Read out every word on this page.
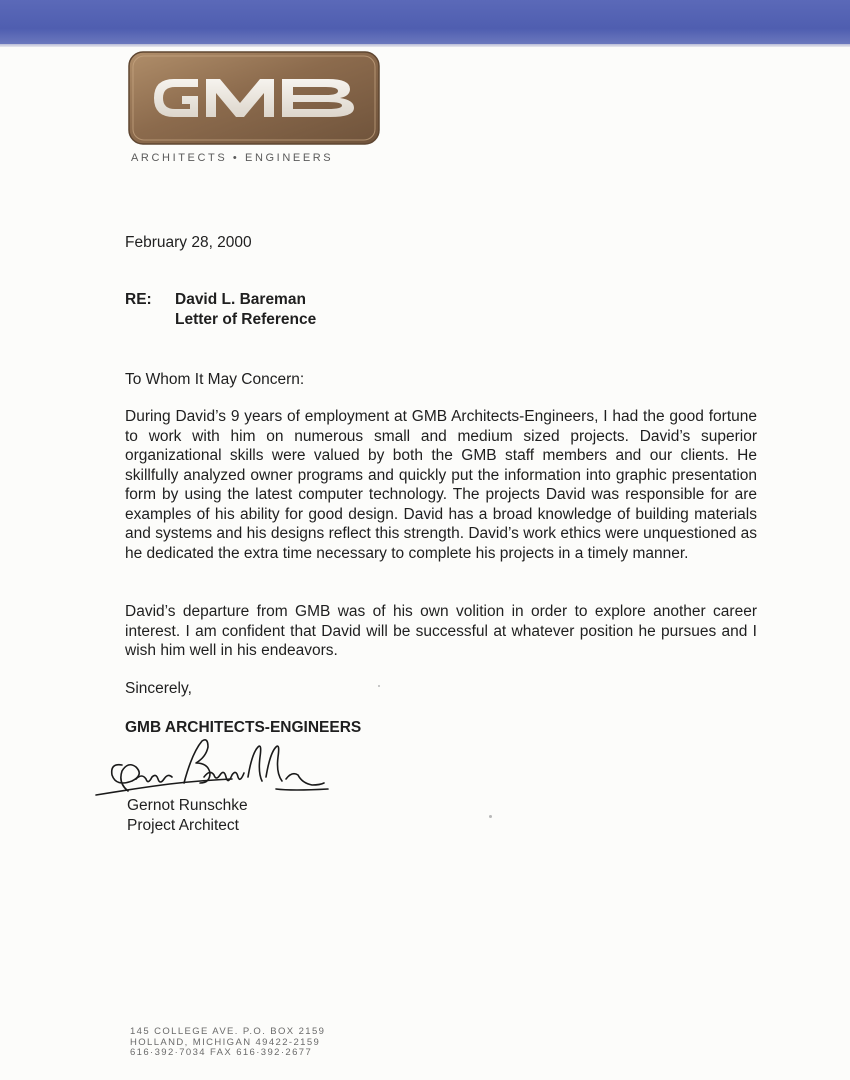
ARCHITECTS • ENGINEERS

February 28, 2000

RE: David L. Bareman

Letter of Reference

To Whom It May Concern:

During David’s 9 years of employment at GMB Architects-Engineers, I had the good fortune to work with him on numerous small and medium sized projects. David’s superior organizational skills were valued by both the GMB staff members and our clients. He skillfully analyzed owner programs and quickly put the information into graphic presentation form by using the latest computer technology. The projects David was responsible for are examples of his ability for good design. David has a broad knowledge of building materials and systems and his designs reflect this strength. David’s work ethics were unquestioned as he dedicated the extra time necessary to complete his projects in a timely manner.

David’s departure from GMB was of his own volition in order to explore another career interest. I am confident that David will be successful at whatever position he pursues and I wish him well in his endeavors.

Sincerely,

GMB ARCHITECTS-ENGINEERS

Gernot Runschke

Project Architect

145 COLLEGE AVE. P.O. BOX 2159
HOLLAND, MICHIGAN 49422-2159
616·392·7034 FAX 616·392·2677
